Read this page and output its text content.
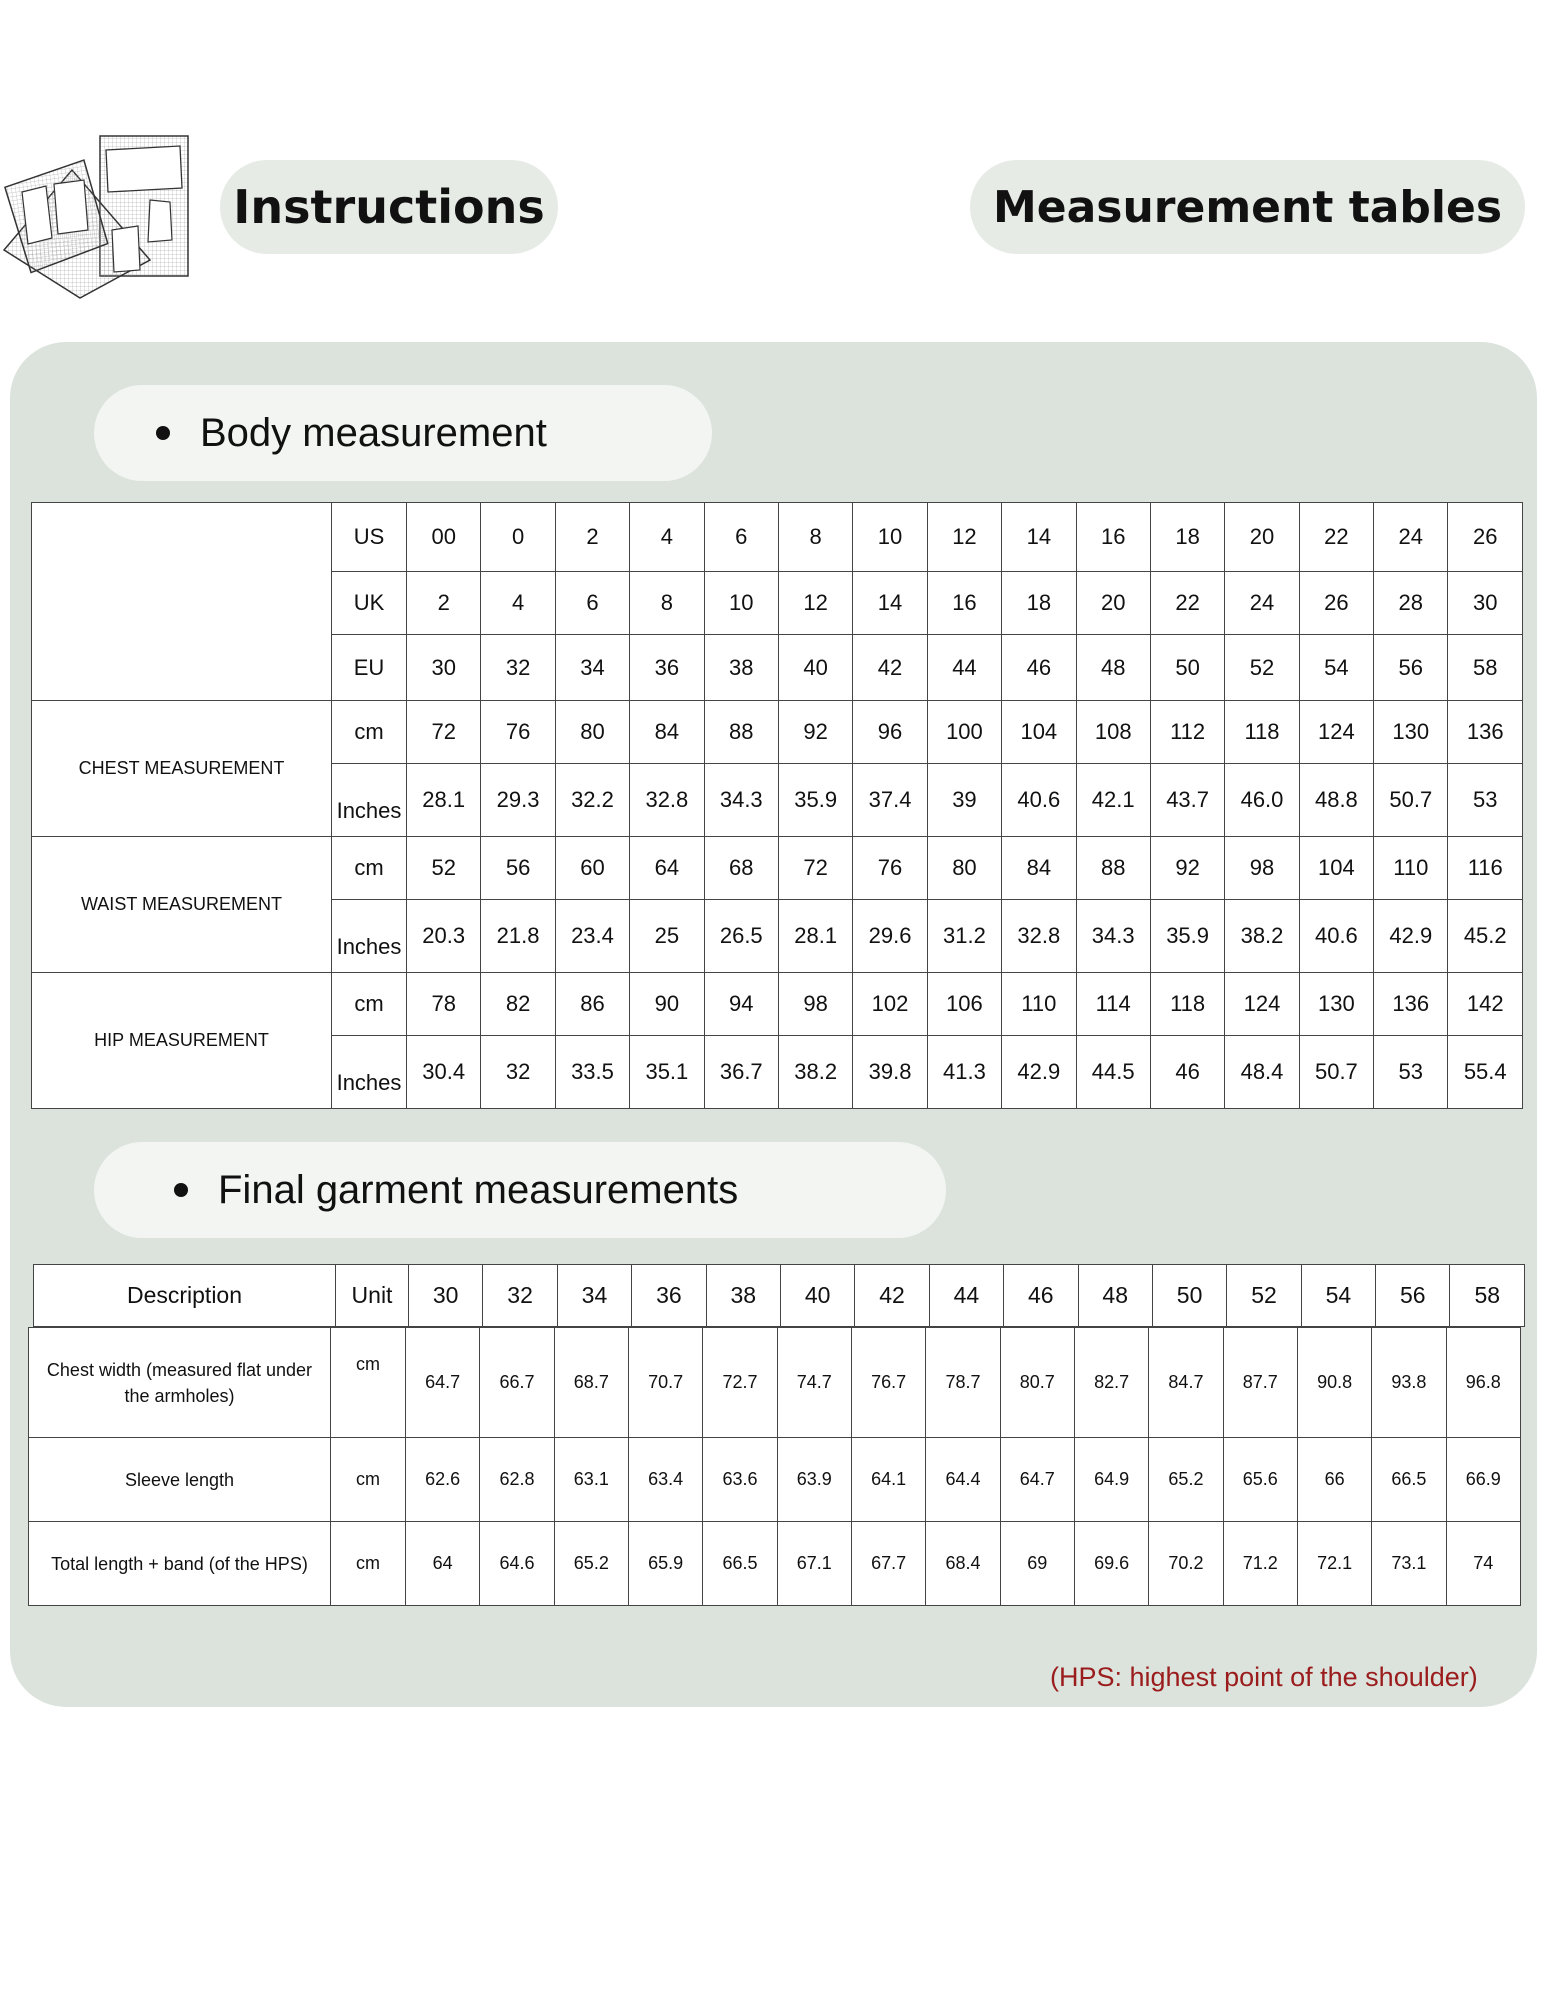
Instructions	Measurement tables
Body measurement
	US	00	0	2	4	6	8	10	12	14	16	18	20	22	24	26
	UK	2	4	6	8	10	12	14	16	18	20	22	24	26	28	30
	EU	30	32	34	36	38	40	42	44	46	48	50	52	54	56	58
CHEST MEASUREMENT	cm	72	76	80	84	88	92	96	100	104	108	112	118	124	130	136
	Inches	28.1	29.3	32.2	32.8	34.3	35.9	37.4	39	40.6	42.1	43.7	46.0	48.8	50.7	53
WAIST MEASUREMENT	cm	52	56	60	64	68	72	76	80	84	88	92	98	104	110	116
	Inches	20.3	21.8	23.4	25	26.5	28.1	29.6	31.2	32.8	34.3	35.9	38.2	40.6	42.9	45.2
HIP MEASUREMENT	cm	78	82	86	90	94	98	102	106	110	114	118	124	130	136	142
	Inches	30.4	32	33.5	35.1	36.7	38.2	39.8	41.3	42.9	44.5	46	48.4	50.7	53	55.4
Final garment measurements
Description	Unit	30	32	34	36	38	40	42	44	46	48	50	52	54	56	58
Chest width (measured flat under the armholes)	cm	64.7	66.7	68.7	70.7	72.7	74.7	76.7	78.7	80.7	82.7	84.7	87.7	90.8	93.8	96.8
Sleeve length	cm	62.6	62.8	63.1	63.4	63.6	63.9	64.1	64.4	64.7	64.9	65.2	65.6	66	66.5	66.9
Total length + band (of the HPS)	cm	64	64.6	65.2	65.9	66.5	67.1	67.7	68.4	69	69.6	70.2	71.2	72.1	73.1	74
(HPS: highest point of the shoulder)
